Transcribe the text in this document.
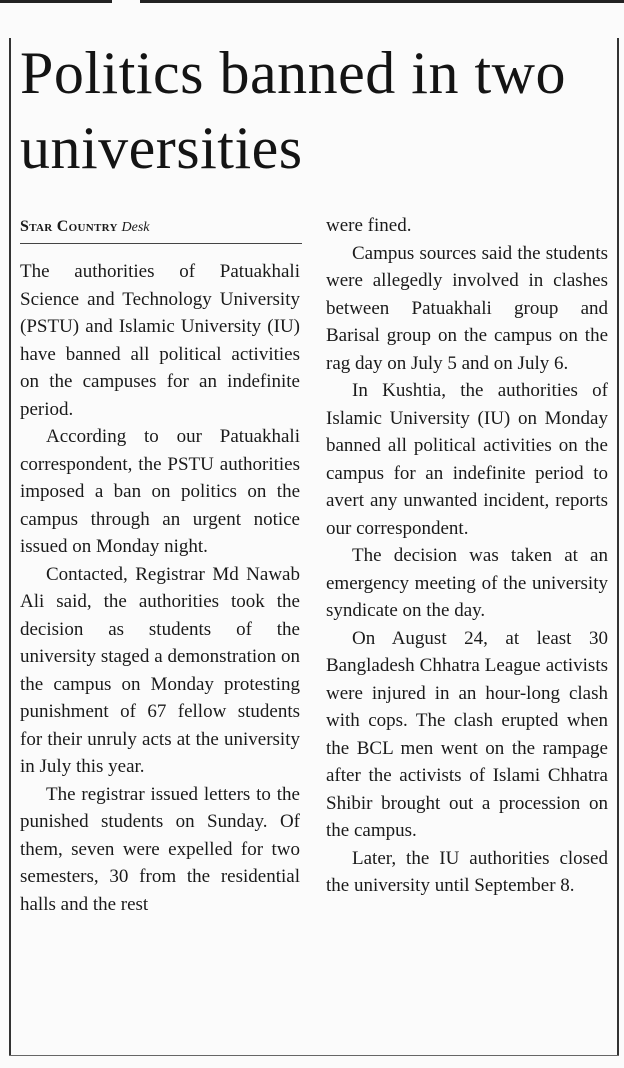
Politics banned in two universities
Star Country Desk

The authorities of Patuakhali Science and Technology University (PSTU) and Islamic University (IU) have banned all political activities on the campuses for an indefinite period.

According to our Patuakhali correspondent, the PSTU authorities imposed a ban on politics on the campus through an urgent notice issued on Monday night.

Contacted, Registrar Md Nawab Ali said, the authorities took the decision as students of the university staged a demonstration on the campus on Monday protesting punishment of 67 fellow students for their unruly acts at the university in July this year.

The registrar issued letters to the punished students on Sunday. Of them, seven were expelled for two semesters, 30 from the residential halls and the rest

were fined.

Campus sources said the students were allegedly involved in clashes between Patuakhali group and Barisal group on the campus on the rag day on July 5 and on July 6.

In Kushtia, the authorities of Islamic University (IU) on Monday banned all political activities on the campus for an indefinite period to avert any unwanted incident, reports our correspondent.

The decision was taken at an emergency meeting of the university syndicate on the day.

On August 24, at least 30 Bangladesh Chhatra League activists were injured in an hour-long clash with cops. The clash erupted when the BCL men went on the rampage after the activists of Islami Chhatra Shibir brought out a procession on the campus.

Later, the IU authorities closed the university until September 8.
